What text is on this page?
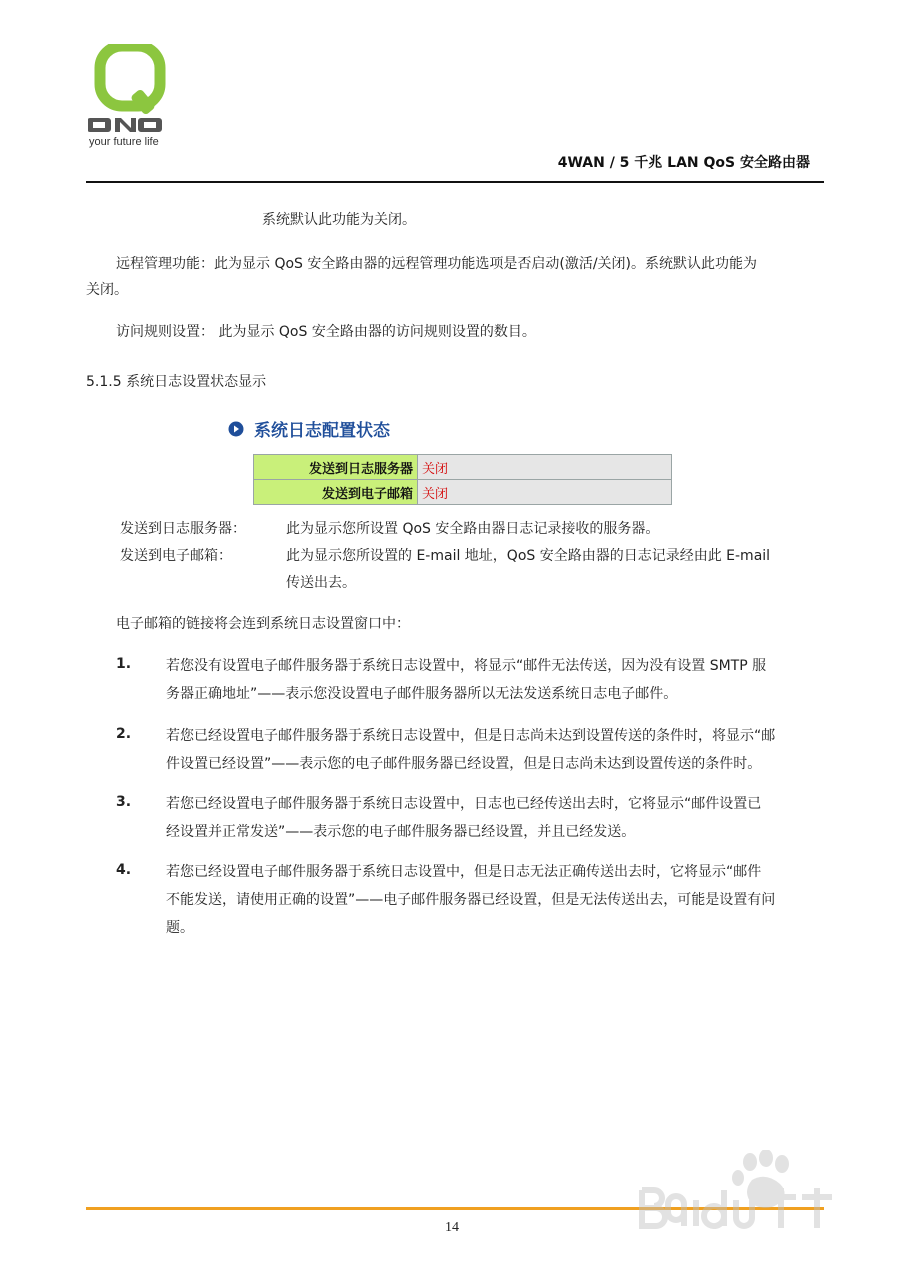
your future life
4WAN / 5 千兆 LAN QoS 安全路由器
系统默认此功能为关闭。
远程管理功能：此为显示 QoS 安全路由器的远程管理功能选项是否启动(激活/关闭)。系统默认此功能为
关闭。
访问规则设置： 此为显示 QoS 安全路由器的访问规则设置的数目。
5.1.5 系统日志设置状态显示
系统日志配置状态
发送到日志服务器	关闭
发送到电子邮箱	关闭
发送到日志服务器：	此为显示您所设置 QoS 安全路由器日志记录接收的服务器。
发送到电子邮箱：	此为显示您所设置的 E-mail 地址，QoS 安全路由器的日志记录经由此 E-mail
传送出去。
电子邮箱的链接将会连到系统日志设置窗口中：
1. 若您没有设置电子邮件服务器于系统日志设置中，将显示“邮件无法传送，因为没有设置 SMTP 服
务器正确地址”——表示您没设置电子邮件服务器所以无法发送系统日志电子邮件。
2. 若您已经设置电子邮件服务器于系统日志设置中，但是日志尚未达到设置传送的条件时，将显示“邮
件设置已经设置”——表示您的电子邮件服务器已经设置，但是日志尚未达到设置传送的条件时。
3. 若您已经设置电子邮件服务器于系统日志设置中，日志也已经传送出去时，它将显示“邮件设置已
经设置并正常发送”——表示您的电子邮件服务器已经设置，并且已经发送。
4. 若您已经设置电子邮件服务器于系统日志设置中，但是日志无法正确传送出去时，它将显示“邮件
不能发送，请使用正确的设置”——电子邮件服务器已经设置，但是无法传送出去，可能是设置有问
题。
14
